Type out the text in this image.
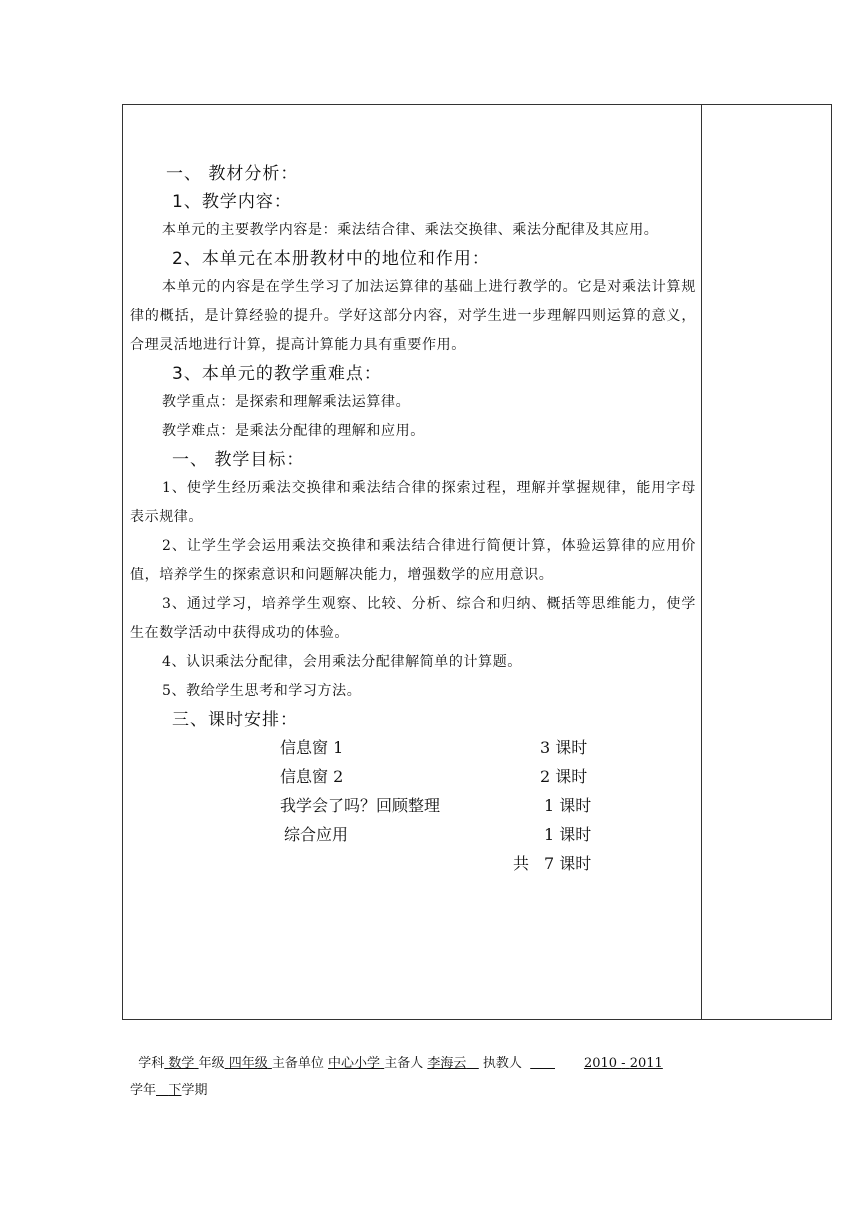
一、 教材分析：
1、教学内容：

本单元的主要教学内容是：乘法结合律、乘法交换律、乘法分配律及其应用。

2、本单元在本册教材中的地位和作用：

本单元的内容是在学生学习了加法运算律的基础上进行教学的。它是对乘法计算规律的概括，是计算经验的提升。学好这部分内容，对学生进一步理解四则运算的意义，合理灵活地进行计算，提高计算能力具有重要作用。

3、本单元的教学重难点：

教学重点：是探索和理解乘法运算律。

教学难点：是乘法分配律的理解和应用。

一、 教学目标：

1、使学生经历乘法交换律和乘法结合律的探索过程，理解并掌握规律，能用字母表示规律。

2、让学生学会运用乘法交换律和乘法结合律进行简便计算，体验运算律的应用价值，培养学生的探索意识和问题解决能力，增强数学的应用意识。

3、通过学习，培养学生观察、比较、分析、综合和归纳、概括等思维能力，使学生在数学活动中获得成功的体验。

4、认识乘法分配律，会用乘法分配律解简单的计算题。

5、教给学生思考和学习方法。

三、课时安排：
信息窗 1	3 课时
信息窗 2	2 课时
我学会了吗？回顾整理	1 课时
综合应用	1 课时
共 7 课时
学科 数学 年级 四年级 主备单位 中心小学 主备人 李海云 执教人	2010 - 2011
学年 下学期
